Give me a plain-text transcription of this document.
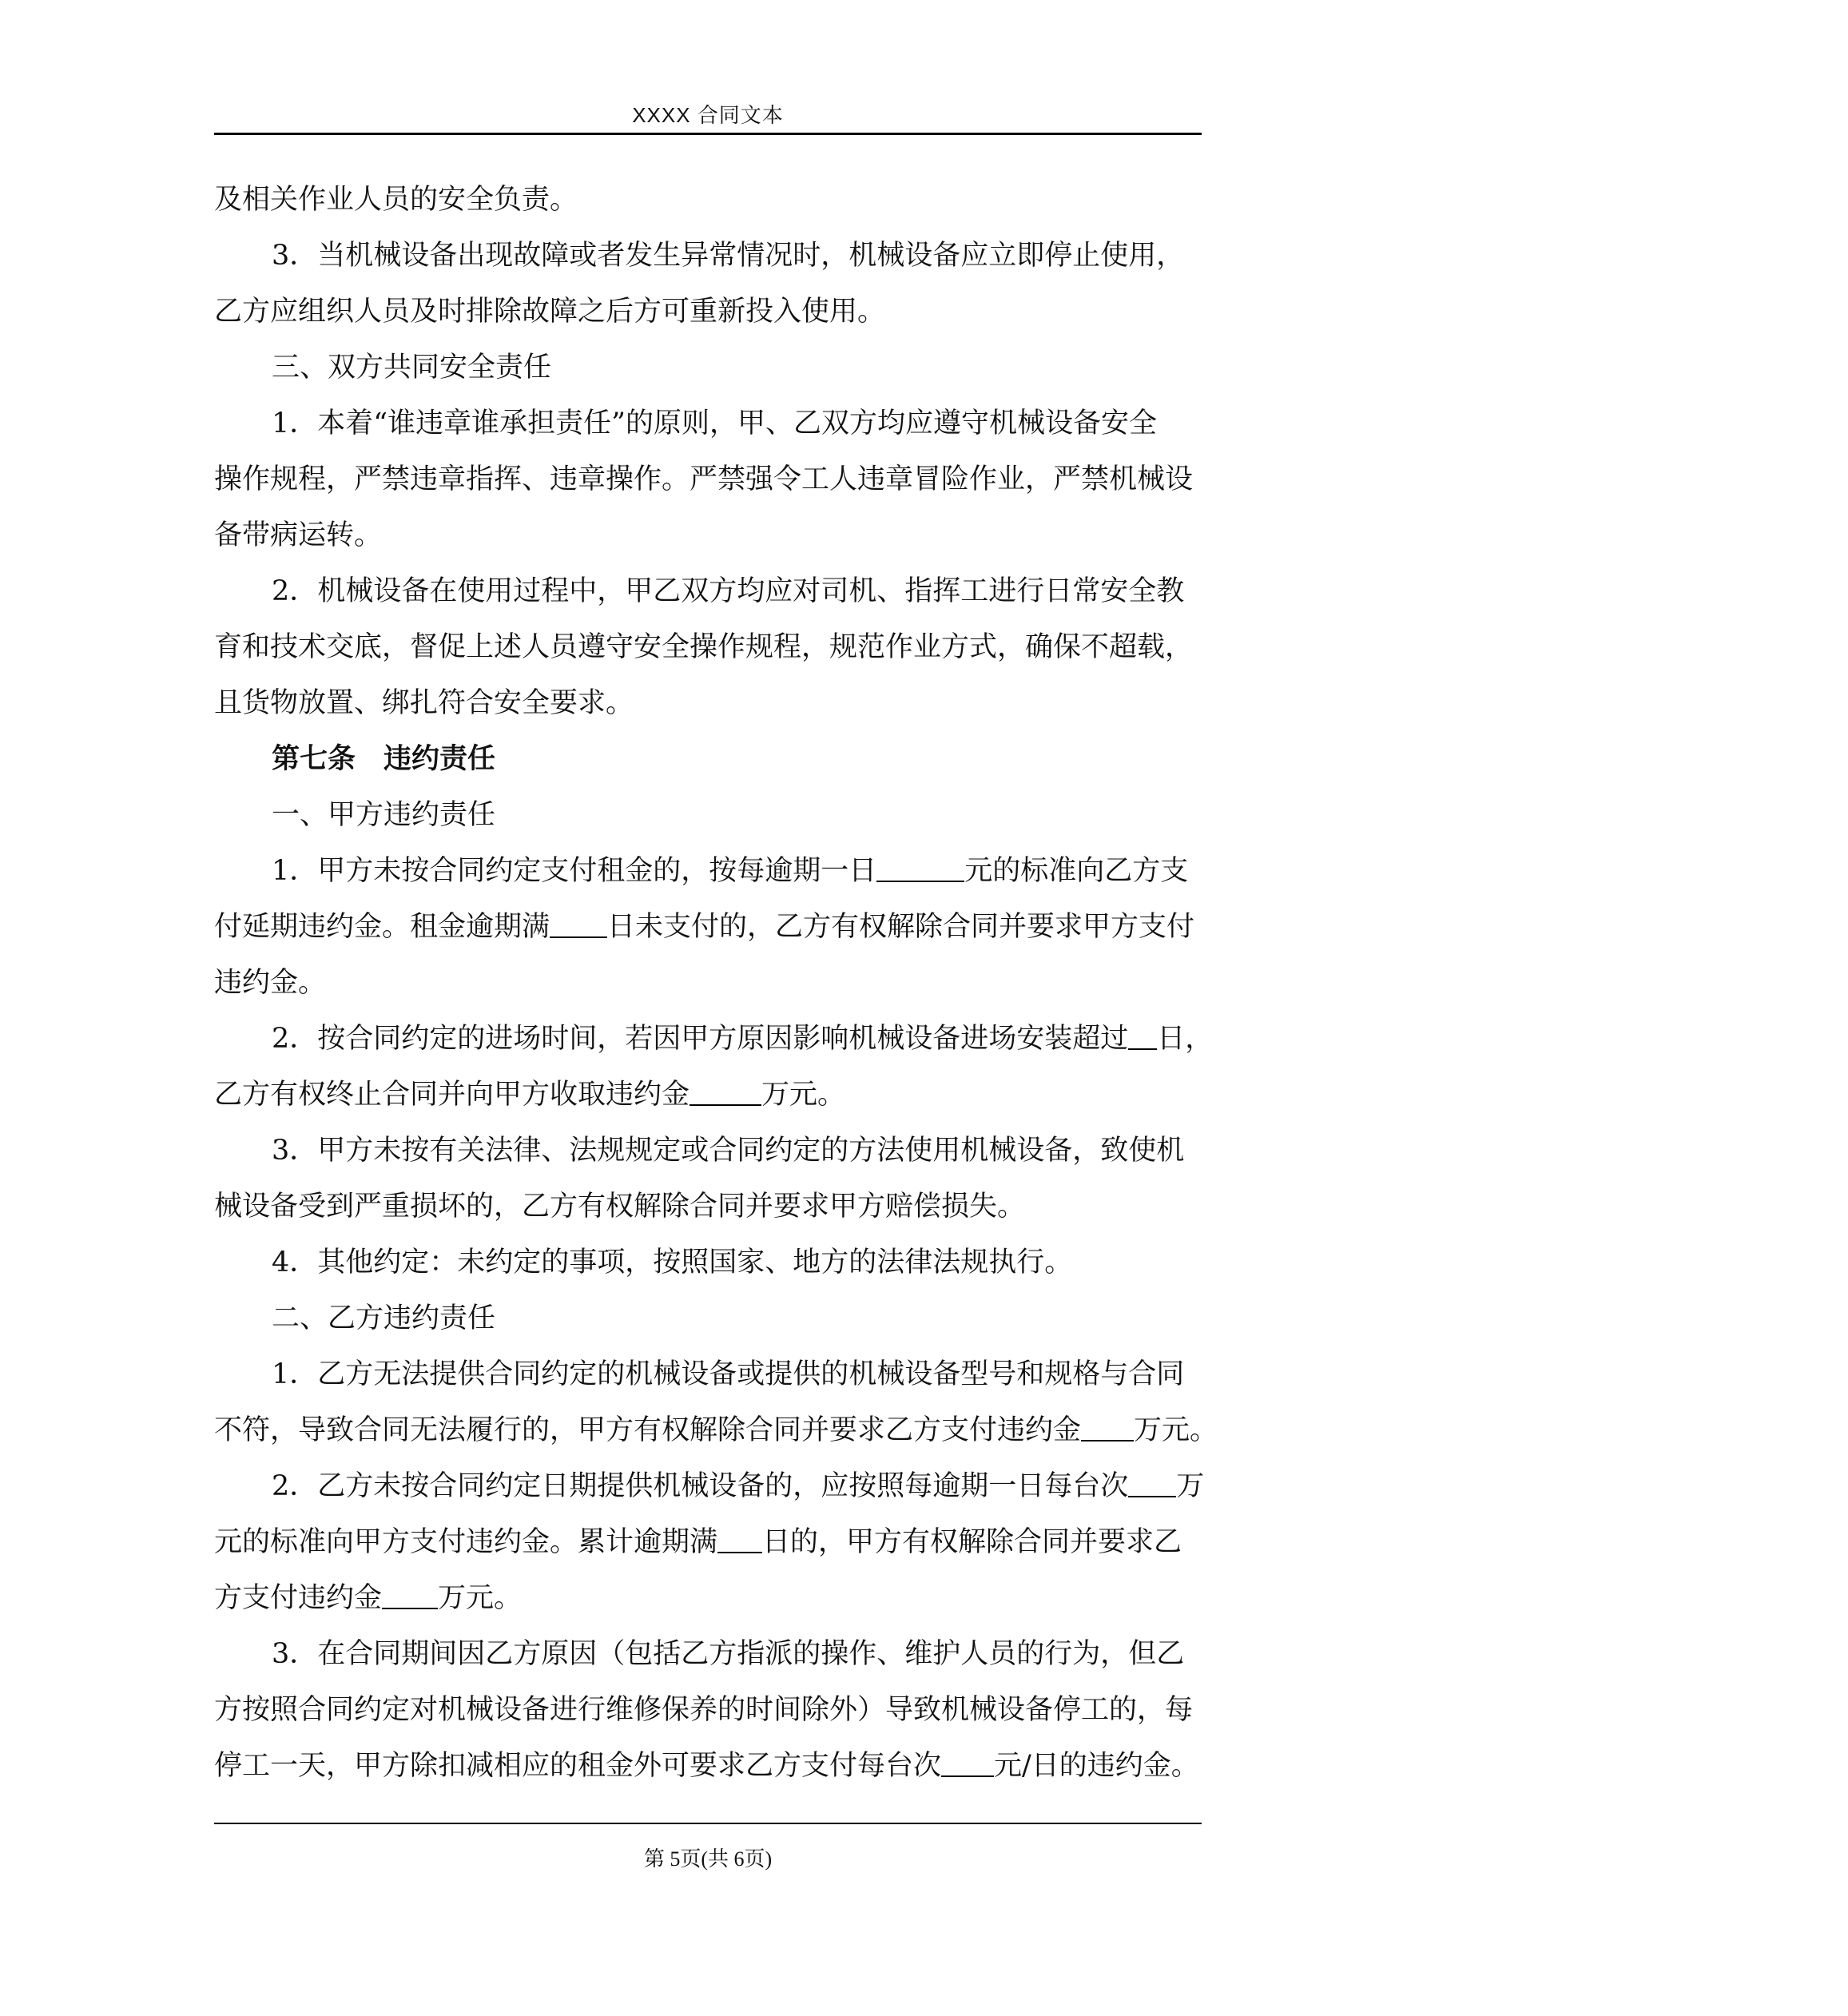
XXXX 合同文本
及相关作业人员的安全负责。
3．当机械设备出现故障或者发生异常情况时，机械设备应立即停止使用，
乙方应组织人员及时排除故障之后方可重新投入使用。
三、双方共同安全责任
1．本着“谁违章谁承担责任”的原则，甲、乙双方均应遵守机械设备安全
操作规程，严禁违章指挥、违章操作。严禁强令工人违章冒险作业，严禁机械设
备带病运转。
2．机械设备在使用过程中，甲乙双方均应对司机、指挥工进行日常安全教
育和技术交底，督促上述人员遵守安全操作规程，规范作业方式，确保不超载，
且货物放置、绑扎符合安全要求。
第七条　违约责任
一、甲方违约责任
1．甲方未按合同约定支付租金的，按每逾期一日	元的标准向乙方支
付延期违约金。租金逾期满 日未支付的，乙方有权解除合同并要求甲方支付
违约金。
2．按合同约定的进场时间，若因甲方原因影响机械设备进场安装超过 日，
乙方有权终止合同并向甲方收取违约金	万元。
3．甲方未按有关法律、法规规定或合同约定的方法使用机械设备，致使机
械设备受到严重损坏的，乙方有权解除合同并要求甲方赔偿损失。
4．其他约定：未约定的事项，按照国家、地方的法律法规执行。
二、乙方违约责任
1．乙方无法提供合同约定的机械设备或提供的机械设备型号和规格与合同
不符，导致合同无法履行的，甲方有权解除合同并要求乙方支付违约金 万元。
2．乙方未按合同约定日期提供机械设备的，应按照每逾期一日每台次 万
元的标准向甲方支付违约金。累计逾期满 日的，甲方有权解除合同并要求乙
方支付违约金 万元。
3．在合同期间因乙方原因（包括乙方指派的操作、维护人员的行为，但乙
方按照合同约定对机械设备进行维修保养的时间除外）导致机械设备停工的，每
停工一天，甲方除扣减相应的租金外可要求乙方支付每台次 元/日的违约金。
第 5页(共 6页)
